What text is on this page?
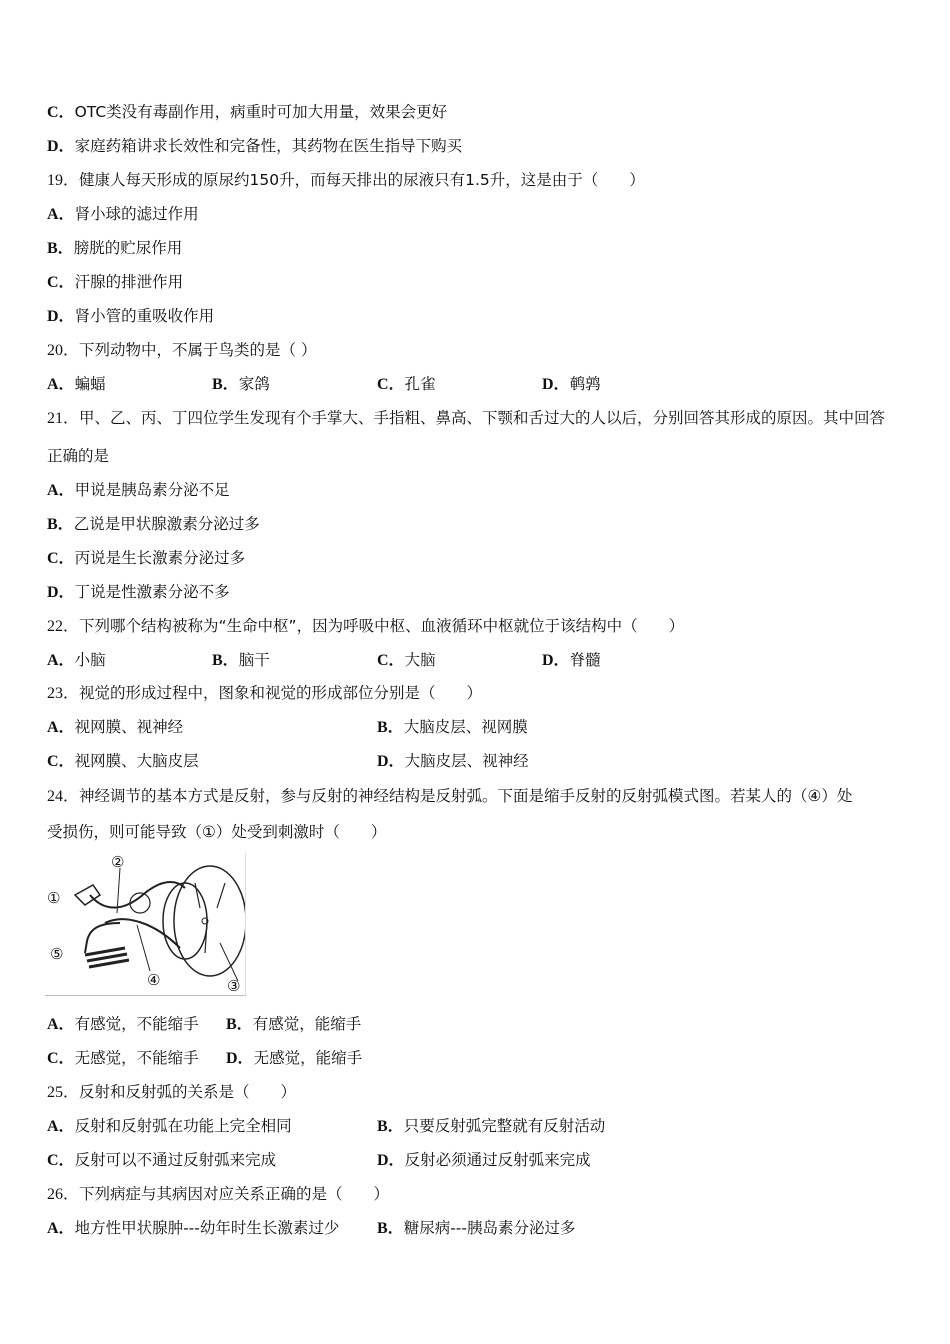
C．OTC类没有毒副作用，病重时可加大用量，效果会更好
D．家庭药箱讲求长效性和完备性，其药物在医生指导下购买
19．健康人每天形成的原尿约150升，而每天排出的尿液只有1.5升，这是由于（　　）
A．肾小球的滤过作用
B．膀胱的贮尿作用
C．汗腺的排泄作用
D．肾小管的重吸收作用
20．下列动物中，不属于鸟类的是（ ）
A．蝙蝠	B．家鸽	C．孔雀	D．鹌鹑
21．甲、乙、丙、丁四位学生发现有个手掌大、手指粗、鼻高、下颚和舌过大的人以后，分别回答其形成的原因。其中回答
正确的是
A．甲说是胰岛素分泌不足
B．乙说是甲状腺激素分泌过多
C．丙说是生长激素分泌过多
D．丁说是性激素分泌不多
22．下列哪个结构被称为“生命中枢”，因为呼吸中枢、血液循环中枢就位于该结构中（　　）
A．小脑	B．脑干	C．大脑	D．脊髓
23．视觉的形成过程中，图象和视觉的形成部位分别是（　　）
A．视网膜、视神经	B．大脑皮层、视网膜
C．视网膜、大脑皮层	D．大脑皮层、视神经
24．神经调节的基本方式是反射，参与反射的神经结构是反射弧。下面是缩手反射的反射弧模式图。若某人的（④）处
受损伤，则可能导致（①）处受到刺激时（　　）
A．有感觉，不能缩手 B．有感觉，能缩手
C．无感觉，不能缩手 D．无感觉，能缩手
25．反射和反射弧的关系是（　　）
A．反射和反射弧在功能上完全相同	B．只要反射弧完整就有反射活动
C．反射可以不通过反射弧来完成	D．反射必须通过反射弧来完成
26．下列病症与其病因对应关系正确的是（　　）
A．地方性甲状腺肿---幼年时生长激素过少 B．糖尿病---胰岛素分泌过多
①
②
③
④
⑤
